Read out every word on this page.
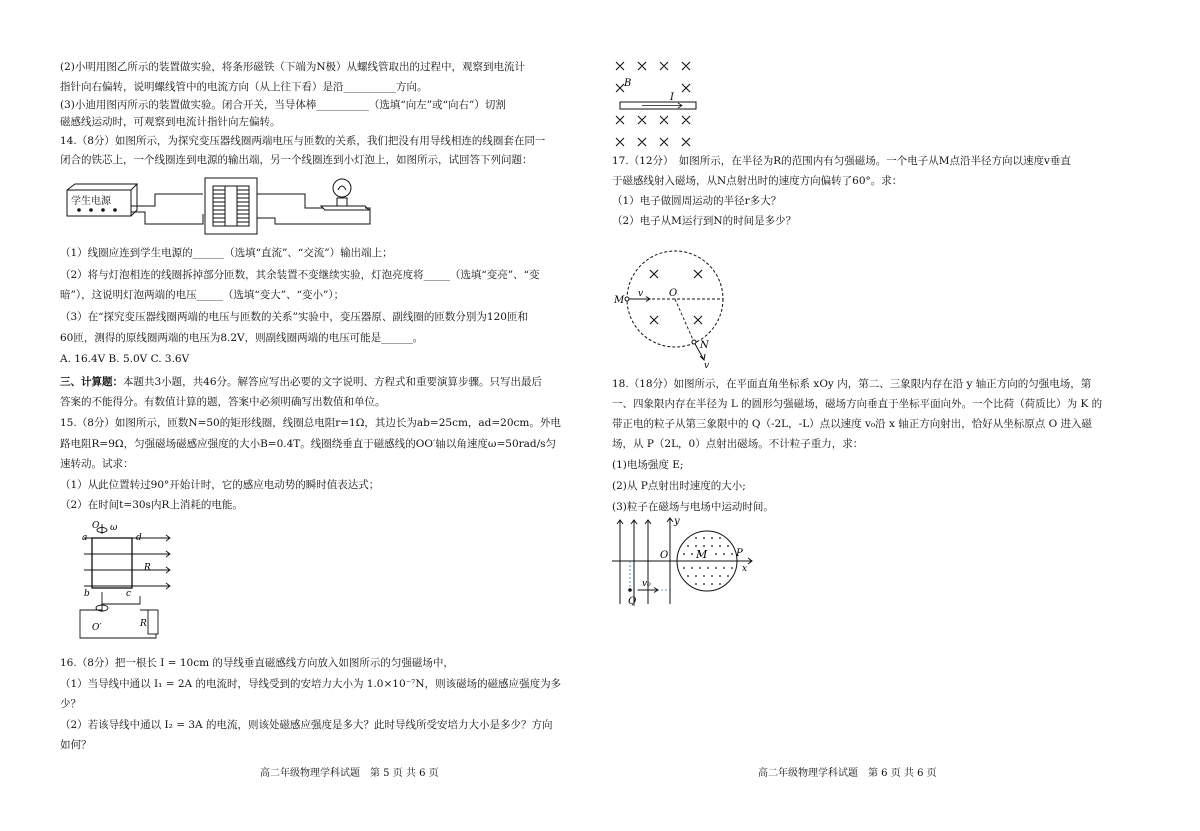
(2)小明用图乙所示的装置做实验，将条形磁铁（下端为N极）从螺线管取出的过程中，观察到电流计
指针向右偏转，说明螺线管中的电流方向（从上往下看）是沿__________方向。
(3)小迪用图丙所示的装置做实验。闭合开关，当导体棒__________（选填“向左”或“向右”）切割
磁感线运动时，可观察到电流计指针向左偏转。
14.（8分）如图所示，为探究变压器线圈两端电压与匝数的关系，我们把没有用导线相连的线圈套在同一
闭合的铁芯上，一个线圈连到电源的输出端，另一个线圈连到小灯泡上，如图所示，试回答下列问题：
学生电源
（1）线圈应连到学生电源的______（选填“直流”、“交流”）输出端上；
（2）将与灯泡相连的线圈拆掉部分匝数，其余装置不变继续实验，灯泡亮度将_____（选填“变亮”、“变
暗”），这说明灯泡两端的电压_____（选填“变大”、“变小”）；
（3）在“探究变压器线圈两端的电压与匝数的关系”实验中，变压器原、副线圈的匝数分别为120匝和
60匝，测得的原线圈两端的电压为8.2V，则副线圈两端的电压可能是______。
A. 16.4V B. 5.0V C. 3.6V
三、计算题：本题共3小题，共46分。解答应写出必要的文字说明、方程式和重要演算步骤。只写出最后
答案的不能得分。有数值计算的题，答案中必须明确写出数值和单位。
15.（8分）如图所示，匝数N=50的矩形线圈，线圈总电阻r=1Ω，其边长为ab=25cm，ad=20cm。外电
路电阻R=9Ω，匀强磁场磁感应强度的大小B=0.4T。线圈绕垂直于磁感线的OO′轴以角速度ω=50rad/s匀
速转动。试求：
（1）从此位置转过90°开始计时，它的感应电动势的瞬时值表达式；
（2）在时间t=30s内R上消耗的电能。
O ω
a	d
R
b	c
O′	R
16.（8分）把一根长 I = 10cm 的导线垂直磁感线方向放入如图所示的匀强磁场中，
（1）当导线中通以 I₁ = 2A 的电流时，导线受到的安培力大小为 1.0×10⁻⁷N，则该磁场的磁感应强度为多
少？
（2）若该导线中通以 I₂ = 3A 的电流，则该处磁感应强度是多大？此时导线所受安培力大小是多少？方向
如何？
高二年级物理学科试题　第 5 页 共 6 页
B
I
17.（12分）　如图所示，在半径为R的范围内有匀强磁场。一个电子从M点沿半径方向以速度v垂直
于磁感线射入磁场，从N点射出时的速度方向偏转了60°。求：
（1）电子做圆周运动的半径r多大？
（2）电子从M运行到N的时间是多少？
M
v	O
N
v
18.（18分）如图所示，在平面直角坐标系 xOy 内，第二、三象限内存在沿 y 轴正方向的匀强电场，第
一、四象限内存在半径为 L 的圆形匀强磁场，磁场方向垂直于坐标平面向外。一个比荷（荷质比）为 K 的
带正电的粒子从第三象限中的 Q（-2L，-L）点以速度 v₀沿 x 轴正方向射出，恰好从坐标原点 O 进入磁
场，从 P（2L，0）点射出磁场。不计粒子重力，求：
(1)电场强度 E;
(2)从 P点射出时速度的大小;
(3)粒子在磁场与电场中运动时间。
y
O	M	P
x
v₀
Q
高二年级物理学科试题　第 6 页 共 6 页
